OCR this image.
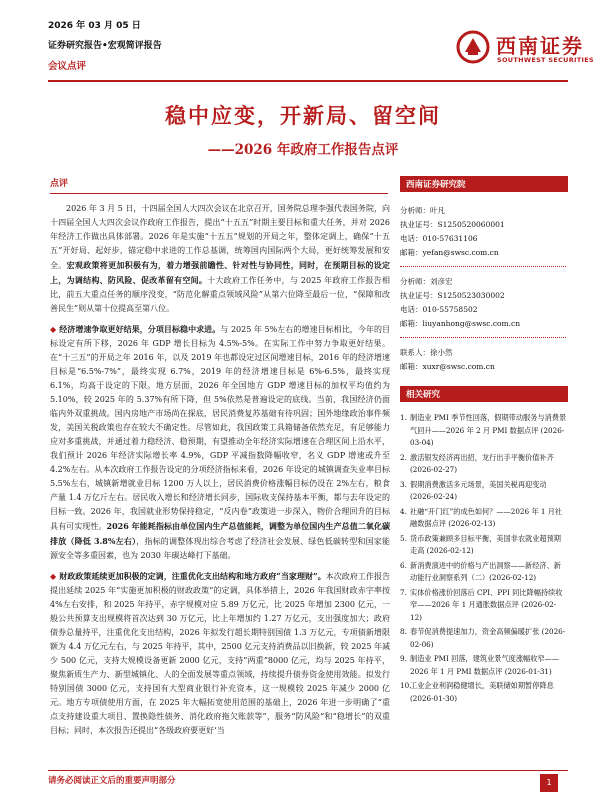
2026 年 03 月 05 日
证券研究报告•宏观简评报告
会议点评
西南证券
SOUTHWEST SECURITIES
稳中应变，开新局、留空间
——2026 年政府工作报告点评
点评

2026 年 3 月 5 日，十四届全国人大四次会议在北京召开，国务院总理李强代表国务院，向十四届全国人大四次会议作政府工作报告，提出“十五五”时期主要目标和重大任务，并对 2026 年经济工作做出具体部署。2026 年是实施“十五五”规划的开局之年，整体定调上，确保“十五五”开好局、起好步，锚定稳中求进的工作总基调，统筹国内国际两个大局，更好统筹发展和安全。宏观政策将更加积极有为，着力增强前瞻性、针对性与协同性，同时，在预期目标的设定上，为调结构、防风险、促改革留有空间。十大政府工作任务中，与 2025 年政府工作报告相比，前五大重点任务的顺序没变，“防范化解重点领域风险”从第六位降至最后一位，“保障和改善民生”则从第十位提高至第八位。

◆ 经济增速争取更好结果，分项目标稳中求进。与 2025 年 5%左右的增速目标相比，今年的目标设定有所下移，2026 年 GDP 增长目标为 4.5%-5%。在实际工作中努力争取更好结果。在“十三五”的开局之年 2016 年，以及 2019 年也都设定过区间增速目标，2016 年的经济增速目标是“6.5%-7%”，最终实现 6.7%，2019 年的经济增速目标是 6%-6.5%，最终实现 6.1%，均高于设定的下限。地方层面，2026 年全国地方 GDP 增速目标的加权平均值约为 5.10%，较 2025 年的 5.37%有所下降，但 5%依然是普遍设定的底线。当前，我国经济仍面临内外双重挑战。国内房地产市场尚在探底，居民消费复苏基础有待巩固；国外地缘政治事件频发，美国关税政策也存在较大不确定性。尽管如此，我国政策工具箱储备依然充足，有足够能力应对多重挑战，并通过着力稳经济、稳预期，有望推动全年经济实际增速在合理区间上沿水平，我们预计 2026 年经济实际增长率 4.9%，GDP 平减指数降幅收窄，名义 GDP 增速或升至 4.2%左右。从本次政府工作报告设定的分项经济指标来看，2026 年设定的城镇调查失业率目标 5.5%左右，城镇新增就业目标 1200 万人以上，居民消费价格涨幅目标仍设在 2%左右，粮食产量 1.4 万亿斤左右。居民收入增长和经济增长同步，国际收支保持基本平衡，都与去年设定的目标一致。2026 年，我国就业形势保持稳定，“反内卷”政策进一步深入，物价合理回升的目标具有可实现性。2026 年能耗指标由单位国内生产总值能耗，调整为单位国内生产总值二氧化碳排放（降低 3.8%左右），指标的调整体现出综合考虑了经济社会发展、绿色低碳转型和国家能源安全等多重因素，也为 2030 年碳达峰打下基础。

◆ 财政政策延续更加积极的定调，注重优化支出结构和地方政府“当家理财”。本次政府工作报告提出延续 2025 年“实施更加积极的财政政策”的定调，具体举措上，2026 年我国财政赤字率按 4%左右安排，和 2025 年持平，赤字规模对应 5.89 万亿元，比 2025 年增加 2300 亿元，一般公共预算支出规模将首次达到 30 万亿元，比上年增加约 1.27 万亿元，支出强度加大；政府债券总量持平，注重优化支出结构，2026 年拟发行超长期特别国债 1.3 万亿元，专项债新增限额为 4.4 万亿元左右，与 2025 年持平，其中，2500 亿元支持消费品以旧换新，较 2025 年减少 500 亿元，支持大规模设备更新 2000 亿元，支持“两重”8000 亿元，均与 2025 年持平，聚焦新质生产力、新型城镇化、人的全面发展等重点领域，持续提升债券资金使用效能。拟发行特别国债 3000 亿元，支持国有大型商业银行补充资本，这一规模较 2025 年减少 2000 亿元。地方专项债使用方面，在 2025 年大幅拓宽使用范围的基础上，2026 年进一步明确了“重点支持建设重大项目、置换隐性债务、消化政府拖欠账款等”，服务“防风险”和“稳增长”的双重目标；同时，本次报告还提出“各级政府要更好‘当

西南证券研究院
分析师：叶凡
执业证号：S1250520060001
电话：010-57631106
邮箱：yefan@swsc.com.cn
分析师：刘彦宏
执业证号：S1250523030002
电话：010-55758502
邮箱：liuyanhong@swsc.com.cn
联系人：徐小然
邮箱：xuxr@swsc.com.cn
相关研究
1. 制造业 PMI 季节性回落，假期带动服务与消费景气回升——2026 年 2 月 PMI 数据点评 (2026-03-04)
2. 激活银发经济再出招，龙行出手平衡价值补齐 (2026-02-27)
3. 假期消费激活多元场景，美国关税再迎变动 (2026-02-24)
4. 社融“开门红”的成色如何？——2026 年 1 月社融数据点评 (2026-02-13)
5. 货币政策兼顾多目标平衡，美国非农就业超预期走高 (2026-02-12)
6. 新消费演进中的价格与产出洞察——新经济、新动能行业洞察系列（二）(2026-02-12)
7. 实体价格涨价回落后 CPI、PPI 同比降幅持续收窄——2026 年 1 月通胀数据点评 (2026-02-12)
8. 春节促消费提速加力，资金高频偏暖扩张 (2026-02-06)
9. 制造业 PMI 回落，建筑业景气度涨幅收窄——2026 年 1 月 PMI 数据点评 (2026-01-31)
10.
工业企业利润稳健增长，美联储如期暂停降息 (2026-01-30)
请务必阅读正文后的重要声明部分	1
